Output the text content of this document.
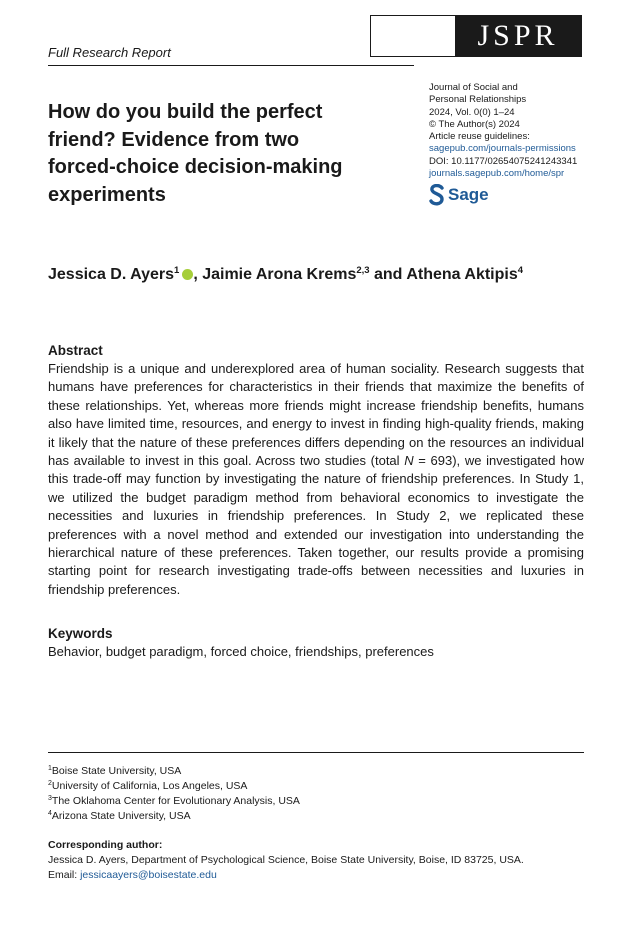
JSPR
Full Research Report
How do you build the perfect
friend? Evidence from two
forced-choice decision-making
experiments
Journal of Social and
Personal Relationships
2024, Vol. 0(0) 1–24
© The Author(s) 2024
Article reuse guidelines:
sagepub.com/journals-permissions
DOI: 10.1177/02654075241243341
journals.sagepub.com/home/spr
Sage
Jessica D. Ayers$^1$ , Jaimie Arona Krems$^{2,3}$ and Athena Aktipis$^4$
Abstract
Friendship is a unique and underexplored area of human sociality. Research suggests that humans have preferences for characteristics in their friends that maximize the benefits of these relationships. Yet, whereas more friends might increase friendship benefits, humans also have limited time, resources, and energy to invest in finding high-quality friends, making it likely that the nature of these preferences differs depending on the resources an individual has available to invest in this goal. Across two studies (total N = 693), we investigated how this trade-off may function by investigating the nature of friendship preferences. In Study 1, we utilized the budget paradigm method from behavioral economics to investigate the necessities and luxuries in friendship preferences. In Study 2, we replicated these preferences with a novel method and extended our investigation into understanding the hierarchical nature of these preferences. Taken together, our results provide a promising starting point for research investigating trade-offs between necessities and luxuries in friendship preferences.
Keywords
Behavior, budget paradigm, forced choice, friendships, preferences
$^1$Boise State University, USA
$^2$University of California, Los Angeles, USA
$^3$The Oklahoma Center for Evolutionary Analysis, USA
$^4$Arizona State University, USA
Corresponding author:
Jessica D. Ayers, Department of Psychological Science, Boise State University, Boise, ID 83725, USA.
Email: jessicaayers@boisestate.edu
